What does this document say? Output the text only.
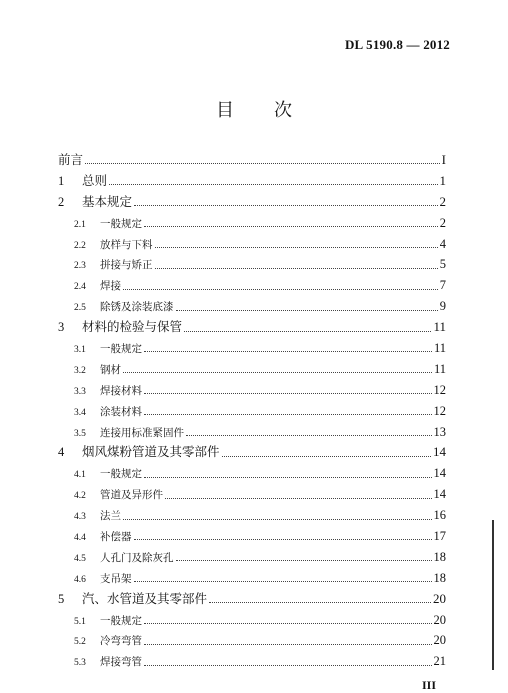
DL 5190.8 — 2012
目次
前言	I
1	总则	1
2	基本规定	2
2.1	一般规定	2
2.2	放样与下料	4
2.3	拼接与矫正	5
2.4	焊接	7
2.5	除锈及涂装底漆	9
3	材料的检验与保管	11
3.1	一般规定	11
3.2	钢材	11
3.3	焊接材料	12
3.4	涂装材料	12
3.5	连接用标准紧固件	13
4	烟风煤粉管道及其零部件	14
4.1	一般规定	14
4.2	管道及异形件	14
4.3	法兰	16
4.4	补偿器	17
4.5	人孔门及除灰孔	18
4.6	支吊架	18
5	汽、水管道及其零部件	20
5.1	一般规定	20
5.2	冷弯弯管	20
5.3	焊接弯管	21
III
